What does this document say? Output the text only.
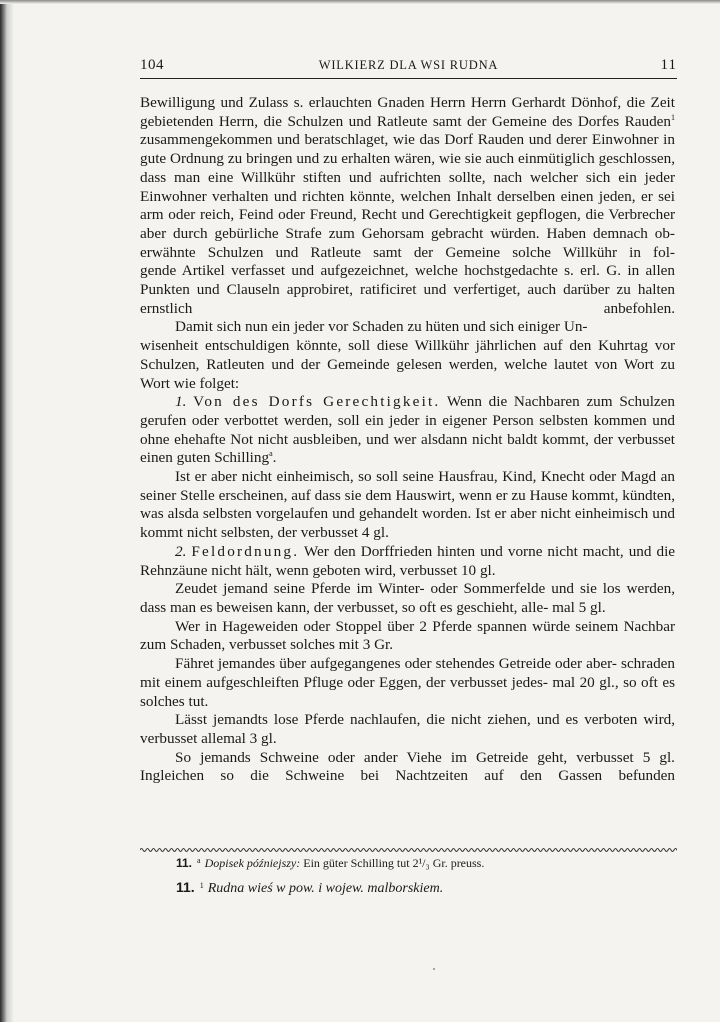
104	WILKIERZ DLA WSI RUDNA	11

Bewilligung und Zulass s. erlauchten Gnaden Herrn Herrn Gerhardt Dönhof, die Zeit gebietenden Herrn, die Schulzen und Ratleute samt der Gemeine des Dorfes Rauden$^1$ zusammengekommen und beratschlaget, wie das Dorf Rauden und derer Einwohner in gute Ordnung zu bringen und zu erhalten wären, wie sie auch einmütiglich geschlossen, dass man eine Willkühr stiften und aufrichten sollte, nach welcher sich ein jeder Einwohner verhalten und richten könnte, welchen Inhalt derselben einen jeden, er sei arm oder reich, Feind oder Freund, Recht und Gerechtigkeit gepflogen, die Verbrecher aber durch gebürliche Strafe zum Gehorsam gebracht würden. Haben demnach ob-
erwähnte Schulzen und Ratleute samt der Gemeine solche Willkühr in fol-
gende Artikel verfasset und aufgezeichnet, welche hochstgedachte s. erl. G. in allen Punkten und Clauseln approbiret, ratificiret und verfertiget, auch darüber zu halten ernstlich anbefohlen.

Damit sich nun ein jeder vor Schaden zu hüten und sich einiger Un-
wisenheit entschuldigen könnte, soll diese Willkühr jährlichen auf den Kuhrtag vor Schulzen, Ratleuten und der Gemeinde gelesen werden, welche lautet von Wort zu Wort wie folget:

1. Von des Dorfs Gerechtigkeit. Wenn die Nachbaren zum Schulzen gerufen oder verbottet werden, soll ein jeder in eigener Person selbsten kommen und ohne ehehafte Not nicht ausbleiben, und wer alsdann nicht baldt kommt, der verbusset einen guten Schilling$^a$.

Ist er aber nicht einheimisch, so soll seine Hausfrau, Kind, Knecht oder Magd an seiner Stelle erscheinen, auf dass sie dem Hauswirt, wenn er zu Hause kommt, kündten, was alsda selbsten vorgelaufen und gehandelt worden. Ist er aber nicht einheimisch und kommt nicht selbsten, der verbusset 4 gl.

2. Feldordnung. Wer den Dorffrieden hinten und vorne nicht macht, und die Rehnzäune nicht hält, wenn geboten wird, verbusset 10 gl.

Zeudet jemand seine Pferde im Winter- oder Sommerfelde und sie los werden, dass man es beweisen kann, der verbusset, so oft es geschieht, alle- mal 5 gl.

Wer in Hageweiden oder Stoppel über 2 Pferde spannen würde seinem Nachbar zum Schaden, verbusset solches mit 3 Gr.

Fähret jemandes über aufgegangenes oder stehendes Getreide oder aber- schraden mit einem aufgeschleiften Pfluge oder Eggen, der verbusset jedes- mal 20 gl., so oft es solches tut.

Lässt jemandts lose Pferde nachlaufen, die nicht ziehen, und es verboten wird, verbusset allemal 3 gl.

So jemands Schweine oder ander Viehe im Getreide geht, verbusset 5 gl. Ingleichen so die Schweine bei Nachtzeiten auf den Gassen befunden

11. $^a$ Dopisek późniejszy: Ein güter Schilling tut 2¹/₃ Gr. preuss.
11. $^1$ Rudna wieś w pow. i wojew. malborskiem.
